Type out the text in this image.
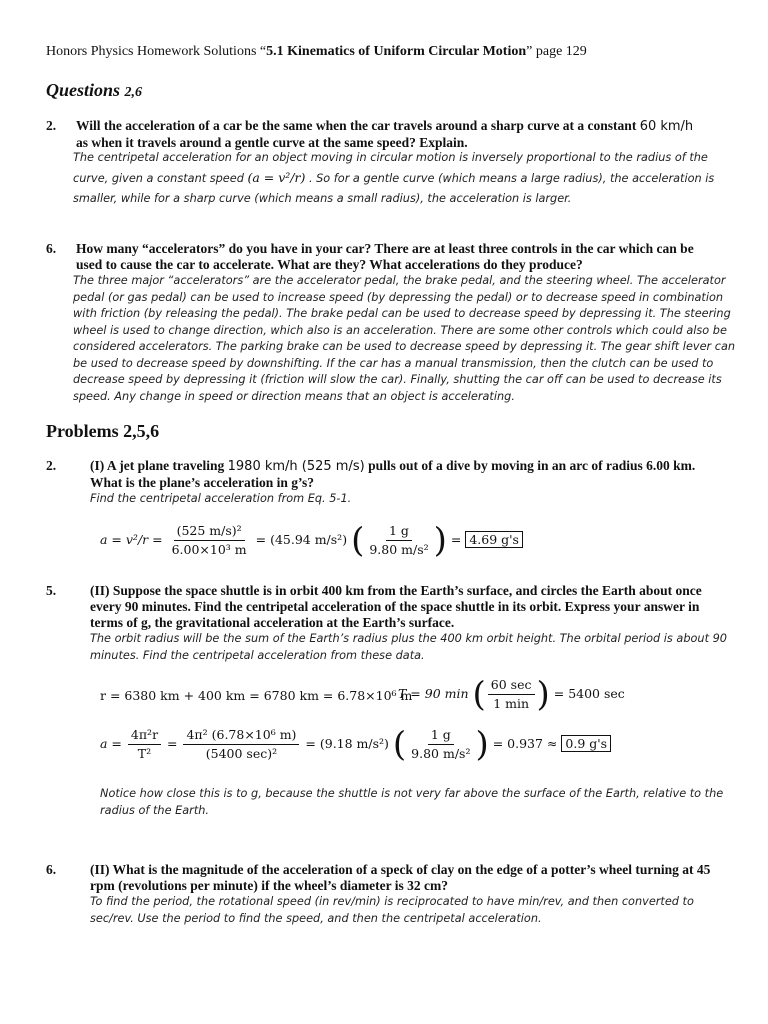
Honors Physics Homework Solutions “5.1 Kinematics of Uniform Circular Motion” page 129
Questions 2,6
2. Will the acceleration of a car be the same when the car travels around a sharp curve at a constant 60 km/h
as when it travels around a gentle curve at the same speed? Explain.
The centripetal acceleration for an object moving in circular motion is inversely proportional to the radius of the
curve, given a constant speed (a = v²/r) . So for a gentle curve (which means a large radius), the acceleration is
smaller, while for a sharp curve (which means a small radius), the acceleration is larger.
6. How many “accelerators” do you have in your car? There are at least three controls in the car which can be
used to cause the car to accelerate. What are they? What accelerations do they produce?
The three major “accelerators” are the accelerator pedal, the brake pedal, and the steering wheel. The accelerator
pedal (or gas pedal) can be used to increase speed (by depressing the pedal) or to decrease speed in combination
with friction (by releasing the pedal). The brake pedal can be used to decrease speed by depressing it. The steering
wheel is used to change direction, which also is an acceleration. There are some other controls which could also be
considered accelerators. The parking brake can be used to decrease speed by depressing it. The gear shift lever can
be used to decrease speed by downshifting. If the car has a manual transmission, then the clutch can be used to
decrease speed by depressing it (friction will slow the car). Finally, shutting the car off can be used to decrease its
speed. Any change in speed or direction means that an object is accelerating.
Problems 2,5,6
2.	(I) A jet plane traveling 1980 km/h (525 m/s) pulls out of a dive by moving in an arc of radius 6.00 km.
What is the plane’s acceleration in g’s?
Find the centripetal acceleration from Eq. 5-1.
$a = v^2/r = \frac{\text{(525 m/s)²}}{\text{6.00×10³ m}} = (45.94$ m/s²) ( $\frac{1 g}{\text{9.80 m/s²}}$ ) = 4.69 g's
5.	(II) Suppose the space shuttle is in orbit 400 km from the Earth’s surface, and circles the Earth about once
every 90 minutes. Find the centripetal acceleration of the space shuttle in its orbit. Express your answer in
terms of g, the gravitational acceleration at the Earth’s surface.
The orbit radius will be the sum of the Earth’s radius plus the 400 km orbit height. The orbital period is about 90
minutes. Find the centripetal acceleration from these data.
r = 6380 km + 400 km = 6780 km = 6.78×10⁶ m
T = 90 min ( $\frac{60 \sec}{1 \min}$ ) = 5400 sec
$a = \frac{\text{4π²r}}{\text{T²}} = \frac{\text{4π² (6.78×10⁶ m)}}{\text{(5400 sec)²}} = (9.18$ m/s²) ( $\frac{1 g}{\text{9.80 m/s²}}$ ) = 0.937 ≈ 0.9 g's
Notice how close this is to g, because the shuttle is not very far above the surface of the Earth, relative to the
radius of the Earth.
6.	(II) What is the magnitude of the acceleration of a speck of clay on the edge of a potter’s wheel turning at 45
rpm (revolutions per minute) if the wheel’s diameter is 32 cm?
To find the period, the rotational speed (in rev/min) is reciprocated to have min/rev, and then converted to
sec/rev. Use the period to find the speed, and then the centripetal acceleration.
